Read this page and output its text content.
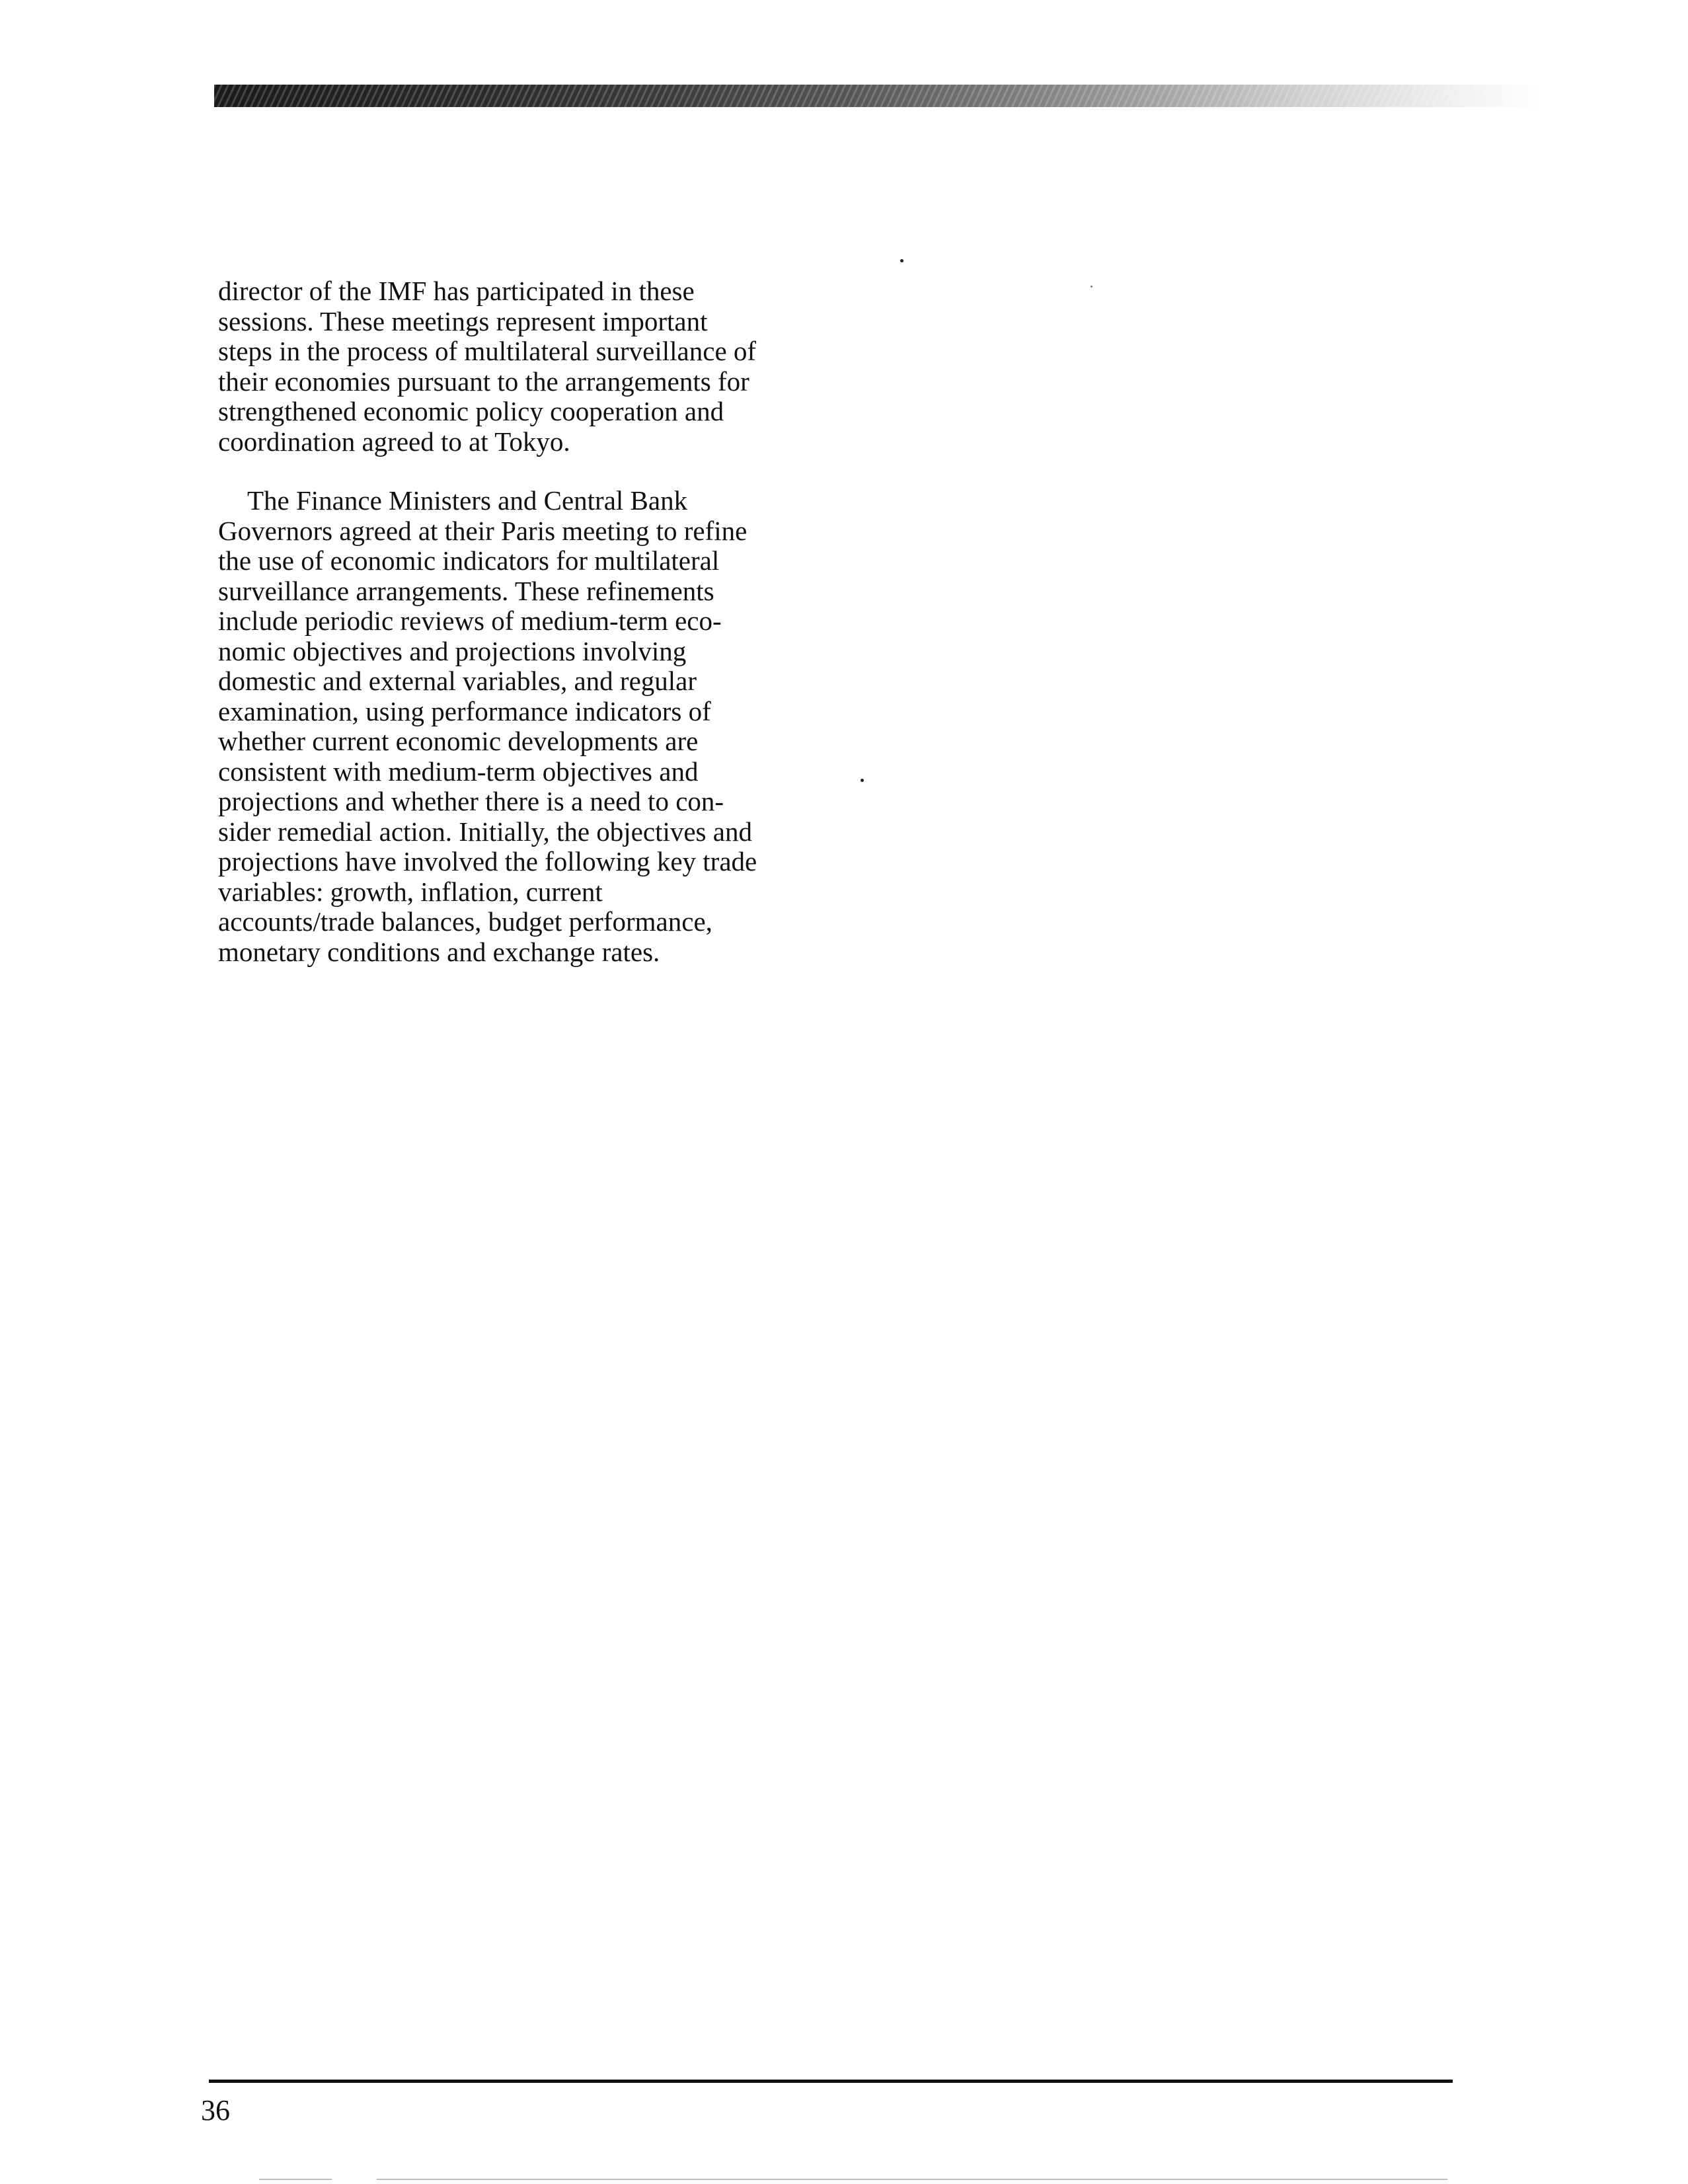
director of the IMF has participated in these
sessions. These meetings represent important
steps in the process of multilateral surveillance of
their economies pursuant to the arrangements for
strengthened economic policy cooperation and
coordination agreed to at Tokyo.
The Finance Ministers and Central Bank
Governors agreed at their Paris meeting to refine
the use of economic indicators for multilateral
surveillance arrangements. These refinements
include periodic reviews of medium-term eco-
nomic objectives and projections involving
domestic and external variables, and regular
examination, using performance indicators of
whether current economic developments are
consistent with medium-term objectives and
projections and whether there is a need to con-
sider remedial action. Initially, the objectives and
projections have involved the following key trade
variables: growth, inflation, current
accounts/trade balances, budget performance,
monetary conditions and exchange rates.
36
